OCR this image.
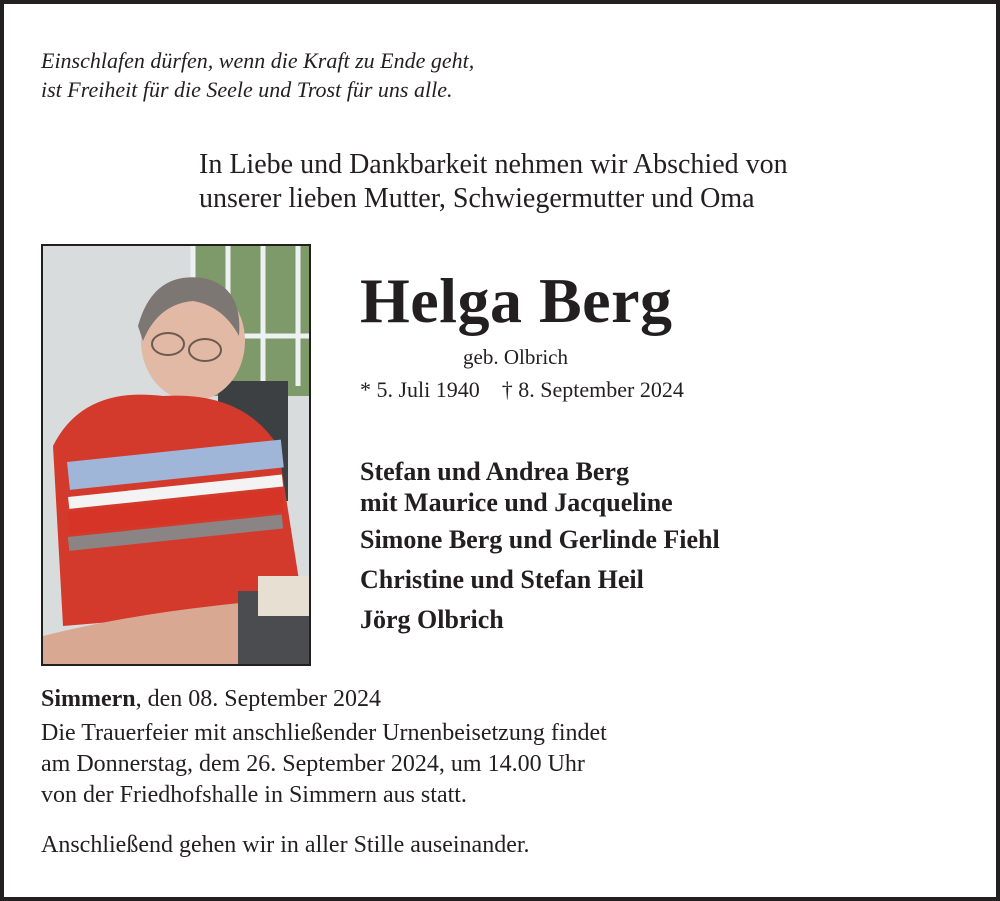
Einschlafen dürfen, wenn die Kraft zu Ende geht,
ist Freiheit für die Seele und Trost für uns alle.
In Liebe und Dankbarkeit nehmen wir Abschied von
unserer lieben Mutter, Schwiegermutter und Oma
Helga Berg
geb. Olbrich
* 5. Juli 1940 † 8. September 2024
Stefan und Andrea Berg
mit Maurice und Jacqueline
Simone Berg und Gerlinde Fiehl
Christine und Stefan Heil
Jörg Olbrich
Simmern, den 08. September 2024
Die Trauerfeier mit anschließender Urnenbeisetzung findet
am Donnerstag, dem 26. September 2024, um 14.00 Uhr
von der Friedhofshalle in Simmern aus statt.
Anschließend gehen wir in aller Stille auseinander.
